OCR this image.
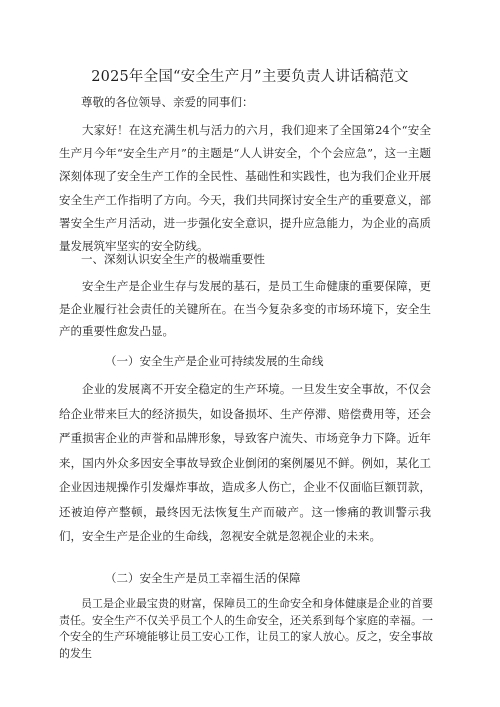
2025年全国“安全生产月”主要负责人讲话稿范文
尊敬的各位领导、亲爱的同事们：

大家好！在这充满生机与活力的六月，我们迎来了全国第24个“安全生产月今年“安全生产月”的主题是“人人讲安全，个个会应急”，这一主题深刻体现了安全生产工作的全民性、基础性和实践性，也为我们企业开展安全生产工作指明了方向。今天，我们共同探讨安全生产的重要意义，部署安全生产月活动，进一步强化安全意识，提升应急能力，为企业的高质量发展筑牢坚实的安全防线。

一、深刻认识安全生产的极端重要性

安全生产是企业生存与发展的基石，是员工生命健康的重要保障，更是企业履行社会责任的关键所在。在当今复杂多变的市场环境下，安全生产的重要性愈发凸显。

（一）安全生产是企业可持续发展的生命线

企业的发展离不开安全稳定的生产环境。一旦发生安全事故，不仅会给企业带来巨大的经济损失，如设备损坏、生产停滞、赔偿费用等，还会严重损害企业的声誉和品牌形象，导致客户流失、市场竞争力下降。近年来，国内外众多因安全事故导致企业倒闭的案例屡见不鲜。例如，某化工企业因违规操作引发爆炸事故，造成多人伤亡，企业不仅面临巨额罚款，还被迫停产整顿，最终因无法恢复生产而破产。这一惨痛的教训警示我们，安全生产是企业的生命线，忽视安全就是忽视企业的未来。

（二）安全生产是员工幸福生活的保障

员工是企业最宝贵的财富，保障员工的生命安全和身体健康是企业的首要责任。安全生产不仅关乎员工个人的生命安全，还关系到每个家庭的幸福。一个安全的生产环境能够让员工安心工作，让员工的家人放心。反之，安全事故的发生
